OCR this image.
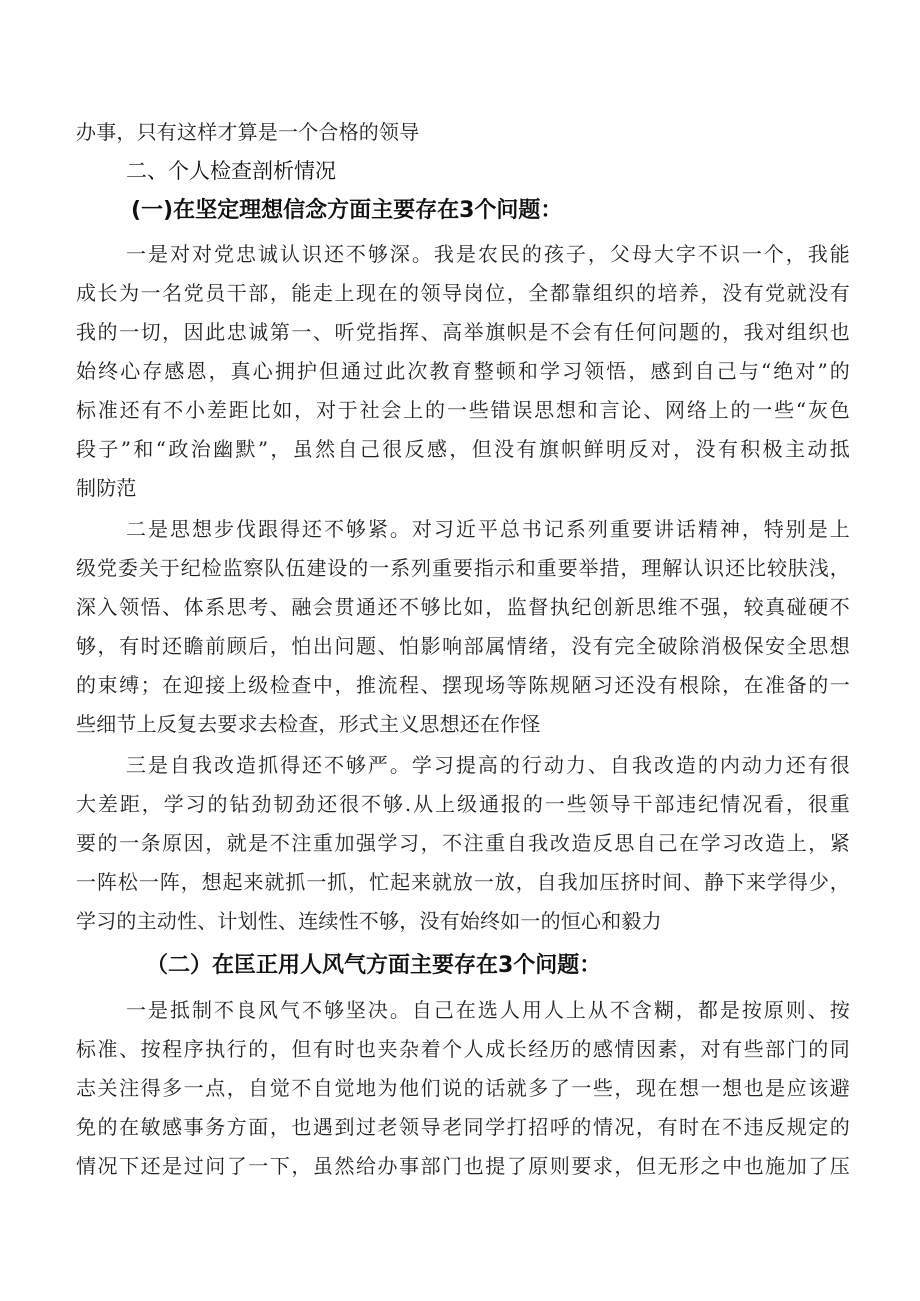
办事，只有这样才算是一个合格的领导
二、个人检查剖析情况
(一)在坚定理想信念方面主要存在3个问题：
一是对对党忠诚认识还不够深。我是农民的孩子，父母大字不识一个，我能
成长为一名党员干部，能走上现在的领导岗位，全都靠组织的培养，没有党就没有
我的一切，因此忠诚第一、听党指挥、高举旗帜是不会有任何问题的，我对组织也
始终心存感恩，真心拥护但通过此次教育整顿和学习领悟，感到自己与“绝对”的
标准还有不小差距比如，对于社会上的一些错误思想和言论、网络上的一些“灰色
段子”和“政治幽默”，虽然自己很反感，但没有旗帜鲜明反对，没有积极主动抵
制防范
二是思想步伐跟得还不够紧。对习近平总书记系列重要讲话精神，特别是上
级党委关于纪检监察队伍建设的一系列重要指示和重要举措，理解认识还比较肤浅，
深入领悟、体系思考、融会贯通还不够比如，监督执纪创新思维不强，较真碰硬不
够，有时还瞻前顾后，怕出问题、怕影响部属情绪，没有完全破除消极保安全思想
的束缚；在迎接上级检查中，推流程、摆现场等陈规陋习还没有根除，在准备的一
些细节上反复去要求去检查，形式主义思想还在作怪
三是自我改造抓得还不够严。学习提高的行动力、自我改造的内动力还有很
大差距，学习的钻劲韧劲还很不够.从上级通报的一些领导干部违纪情况看，很重
要的一条原因，就是不注重加强学习，不注重自我改造反思自己在学习改造上，紧
一阵松一阵，想起来就抓一抓，忙起来就放一放，自我加压挤时间、静下来学得少，
学习的主动性、计划性、连续性不够，没有始终如一的恒心和毅力
（二）在匡正用人风气方面主要存在3个问题：
一是抵制不良风气不够坚决。自己在选人用人上从不含糊，都是按原则、按
标准、按程序执行的，但有时也夹杂着个人成长经历的感情因素，对有些部门的同
志关注得多一点，自觉不自觉地为他们说的话就多了一些，现在想一想也是应该避
免的在敏感事务方面，也遇到过老领导老同学打招呼的情况，有时在不违反规定的
情况下还是过问了一下，虽然给办事部门也提了原则要求，但无形之中也施加了压
